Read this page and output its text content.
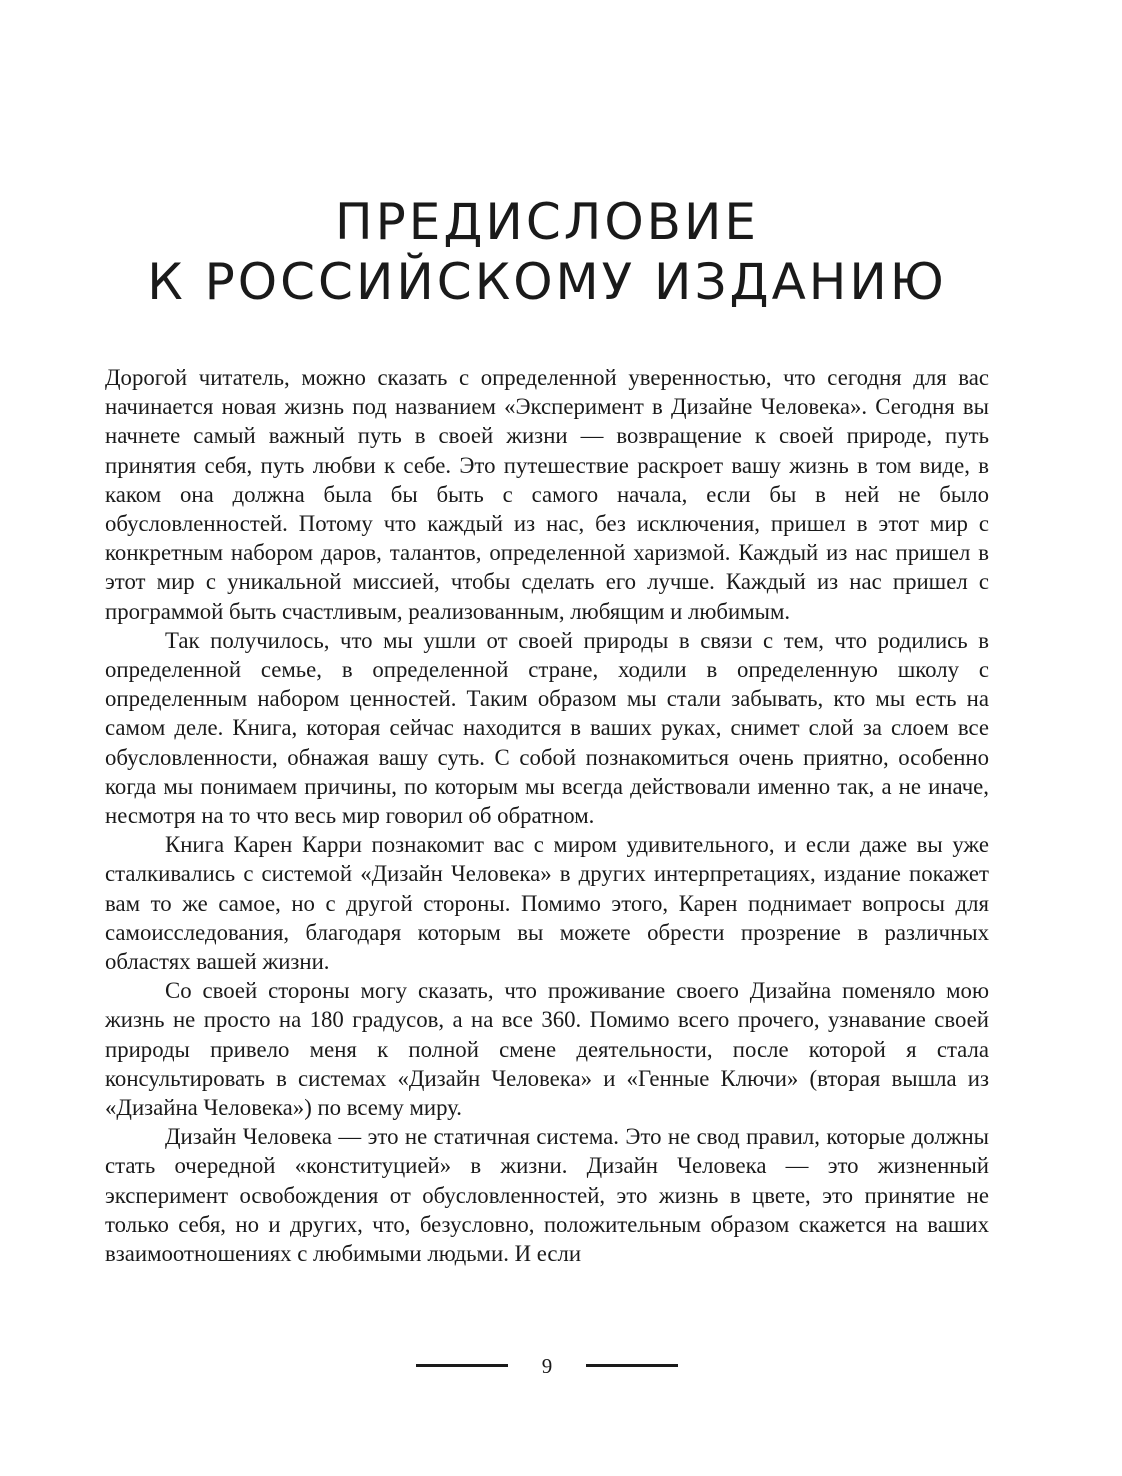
ПРЕДИСЛОВИЕ
К РОССИЙСКОМУ ИЗДАНИЮ

Дорогой читатель, можно сказать с определенной уверенностью, что сегодня для вас начинается новая жизнь под названием «Эксперимент в Дизайне Человека». Сегодня вы начнете самый важный путь в своей жизни — возвращение к своей природе, путь принятия себя, путь любви к себе. Это путешествие раскроет вашу жизнь в том виде, в каком она должна была бы быть с самого начала, если бы в ней не было обусловленностей. Потому что каждый из нас, без исключения, пришел в этот мир с конкретным набором даров, талантов, определенной харизмой. Каждый из нас пришел в этот мир с уникальной миссией, чтобы сделать его лучше. Каждый из нас пришел с программой быть счастливым, реализованным, любящим и любимым.

Так получилось, что мы ушли от своей природы в связи с тем, что родились в определенной семье, в определенной стране, ходили в определенную школу с определенным набором ценностей. Таким образом мы стали забывать, кто мы есть на самом деле. Книга, которая сейчас находится в ваших руках, снимет слой за слоем все обусловленности, обнажая вашу суть. С собой познакомиться очень приятно, особенно когда мы понимаем причины, по которым мы всегда действовали именно так, а не иначе, несмотря на то что весь мир говорил об обратном.

Книга Карен Карри познакомит вас с миром удивительного, и если даже вы уже сталкивались с системой «Дизайн Человека» в других интерпретациях, издание покажет вам то же самое, но с другой стороны. Помимо этого, Карен поднимает вопросы для самоисследования, благодаря которым вы можете обрести прозрение в различных областях вашей жизни.

Со своей стороны могу сказать, что проживание своего Дизайна поменяло мою жизнь не просто на 180 градусов, а на все 360. Помимо всего прочего, узнавание своей природы привело меня к полной смене деятельности, после которой я стала консультировать в системах «Дизайн Человека» и «Генные Ключи» (вторая вышла из «Дизайна Человека») по всему миру.

Дизайн Человека — это не статичная система. Это не свод правил, которые должны стать очередной «конституцией» в жизни. Дизайн Человека — это жизненный эксперимент освобождения от обусловленностей, это жизнь в цвете, это принятие не только себя, но и других, что, безусловно, положительным образом скажется на ваших взаимоотношениях с любимыми людьми. И если

9
